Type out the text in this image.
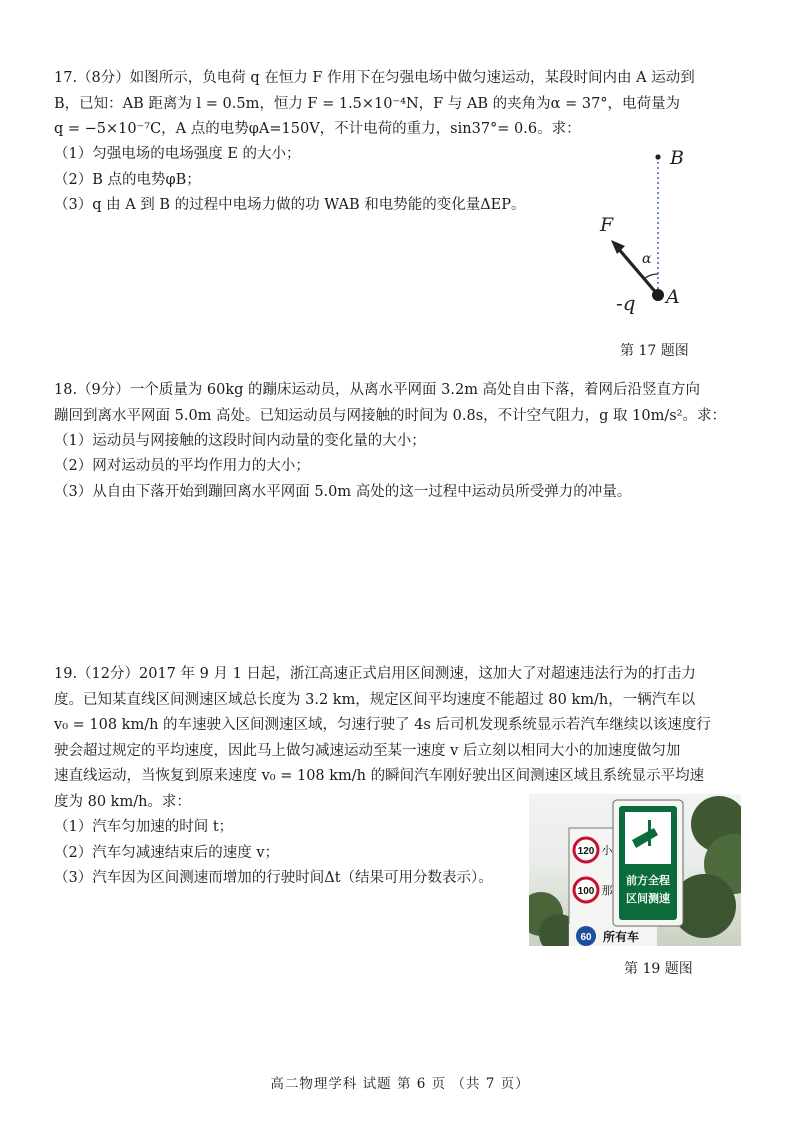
17.（8分）如图所示，负电荷 q 在恒力 F 作用下在匀强电场中做匀速运动，某段时间内由 A 运动到
B，已知：AB 距离为 l = 0.5m，恒力 F = 1.5×10⁻⁴N，F 与 AB 的夹角为α = 37°，电荷量为
q = −5×10⁻⁷C，A 点的电势φA=150V，不计电荷的重力，sin37°= 0.6。求：
（1）匀强电场的电场强度 E 的大小；
（2）B 点的电势φB；
（3）q 由 A 到 B 的过程中电场力做的功 WAB 和电势能的变化量ΔEP。
B
F
α
-q A
第 17 题图
18.（9分）一个质量为 60kg 的蹦床运动员，从离水平网面 3.2m 高处自由下落，着网后沿竖直方向
蹦回到离水平网面 5.0m 高处。已知运动员与网接触的时间为 0.8s，不计空气阻力，g 取 10m/s²。求：
（1）运动员与网接触的这段时间内动量的变化量的大小；
（2）网对运动员的平均作用力的大小；
（3）从自由下落开始到蹦回离水平网面 5.0m 高处的这一过程中运动员所受弹力的冲量。
19.（12分）2017 年 9 月 1 日起，浙江高速正式启用区间测速，这加大了对超速违法行为的打击力
度。已知某直线区间测速区域总长度为 3.2 km，规定区间平均速度不能超过 80 km/h，一辆汽车以
v₀ = 108 km/h 的车速驶入区间测速区域，匀速行驶了 4s 后司机发现系统显示若汽车继续以该速度行
驶会超过规定的平均速度，因此马上做匀减速运动至某一速度 v 后立刻以相同大小的加速度做匀加
速直线运动，当恢复到原来速度 v₀ = 108 km/h 的瞬间汽车刚好驶出区间测速区域且系统显示平均速
度为 80 km/h。求：
（1）汽车匀加速的时间 t；
（2）汽车匀减速结束后的速度 v；
（3）汽车因为区间测速而增加的行驶时间Δt（结果可用分数表示）。
120 小
100 那
60 所有车
前方全程
区间测速
第 19 题图
高二物理学科 试题 第 6 页 （共 7 页）
